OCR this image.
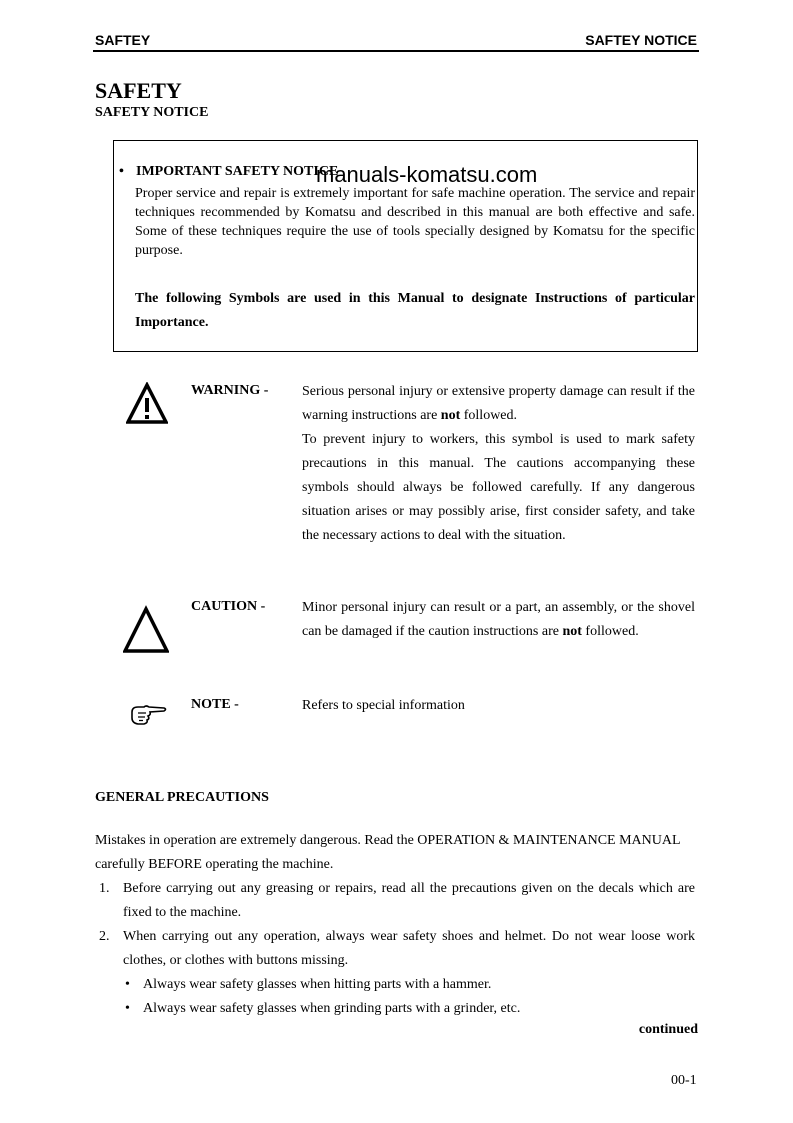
SAFTEY	SAFTEY NOTICE
SAFETY
SAFETY NOTICE
• IMPORTANT SAFETY NOTICE
Proper service and repair is extremely important for safe machine operation. The service and repair techniques recommended by Komatsu and described in this manual are both effective and safe. Some of these techniques require the use of tools specially designed by Komatsu for the specific purpose.
The following Symbols are used in this Manual to designate Instructions of particular Importance.
manuals-komatsu.com
WARNING - Serious personal injury or extensive property damage can result if the warning instructions are not followed.

To prevent injury to workers, this symbol is used to mark safety precautions in this manual. The cautions accompanying these symbols should always be followed carefully. If any dangerous situation arises or may possibly arise, first consider safety, and take the necessary actions to deal with the situation.

CAUTION -	Minor personal injury can result or a part, an assembly, or the shovel can be damaged if the caution instructions are not followed.

NOTE -	Refers to special information
GENERAL PRECAUTIONS
Mistakes in operation are extremely dangerous. Read the OPERATION & MAINTENANCE MANUAL carefully BEFORE operating the machine.
1. Before carrying out any greasing or repairs, read all the precautions given on the decals which are fixed to the machine.
2. When carrying out any operation, always wear safety shoes and helmet. Do not wear loose work clothes, or clothes with buttons missing.
• Always wear safety glasses when hitting parts with a hammer.
• Always wear safety glasses when grinding parts with a grinder, etc.
continued
00-1
